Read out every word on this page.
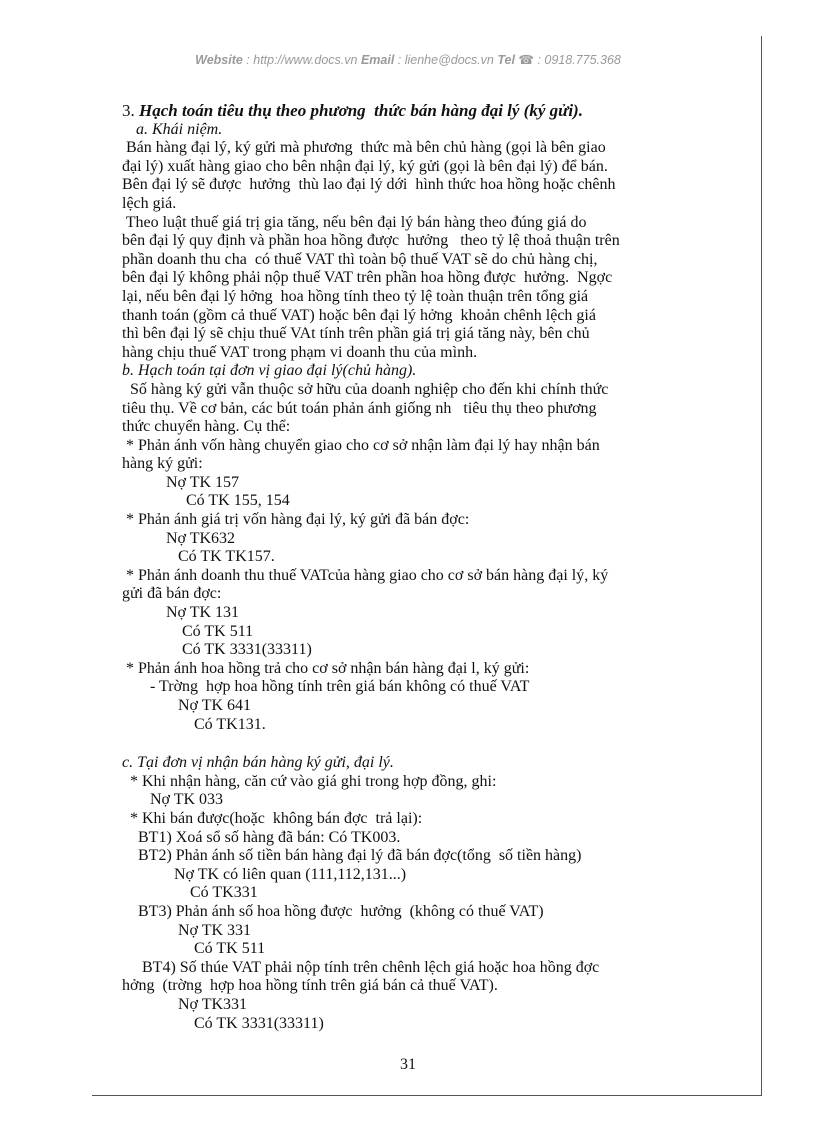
Website : http://www.docs.vn Email : lienhe@docs.vn Tel ☎ : 0918.775.368
3. Hạch toán tiêu thụ theo phương  thức bán hàng đại lý (ký gửi).
a. Khái niệm.
Bán hàng đại lý, ký gửi mà phương  thức mà bên chủ hàng (gọi là bên giao
đại lý) xuất hàng giao cho bên nhận đại lý, ký gửi (gọi là bên đại lý) để bán.
Bên đại lý sẽ được  hưởng  thù lao đại lý dới  hình thức hoa hồng hoặc chênh
lệch giá.
Theo luật thuế giá trị gia tăng, nếu bên đại lý bán hàng theo đúng giá do
bên đại lý quy định và phần hoa hồng được  hưởng   theo tỷ lệ thoả thuận trên
phần doanh thu cha  có thuế VAT thì toàn bộ thuế VAT sẽ do chủ hàng chị,
bên đại lý không phải nộp thuế VAT trên phần hoa hồng được  hưởng.  Ngợc
lại, nếu bên đại lý hởng  hoa hồng tính theo tỷ lệ toàn thuận trên tổng giá
thanh toán (gồm cả thuế VAT) hoặc bên đại lý hởng  khoản chênh lệch giá
thì bên đại lý sẽ chịu thuế VAt tính trên phần giá trị giá tăng này, bên chủ
hàng chịu thuế VAT trong phạm vi doanh thu của mình.
b. Hạch toán tại đơn vị giao đại lý(chủ hàng).
Số hàng ký gửi vẫn thuộc sở hữu của doanh nghiệp cho đến khi chính thức
tiêu thụ. Về cơ bản, các bút toán phản ánh giống nh   tiêu thụ theo phương
thức chuyển hàng. Cụ thể:
* Phản ánh vốn hàng chuyển giao cho cơ sở nhận làm đại lý hay nhận bán
hàng ký gửi:
Nợ TK 157
Có TK 155, 154
* Phản ánh giá trị vốn hàng đại lý, ký gửi đã bán đợc:
Nợ TK632
Có TK TK157.
* Phản ánh doanh thu thuế VATcủa hàng giao cho cơ sở bán hàng đại lý, ký
gửi đã bán đợc:
Nợ TK 131
Có TK 511
Có TK 3331(33311)
* Phản ánh hoa hồng trả cho cơ sở nhận bán hàng đại l, ký gửi:
- Trờng  hợp hoa hồng tính trên giá bán không có thuế VAT
Nợ TK 641
Có TK131.
c. Tại đơn vị nhận bán hàng ký gửi, đại lý.
* Khi nhận hàng, căn cứ vào giá ghi trong hợp đồng, ghi:
Nợ TK 033
* Khi bán được(hoặc  không bán đợc  trả lại):
BT1) Xoá sổ số hàng đã bán: Có TK003.
BT2) Phản ánh số tiền bán hàng đại lý đã bán đợc(tổng  số tiền hàng)
Nợ TK có liên quan (111,112,131...)
Có TK331
BT3) Phản ánh số hoa hồng được  hưởng  (không có thuế VAT)
Nợ TK 331
Có TK 511
BT4) Số thúe VAT phải nộp tính trên chênh lệch giá hoặc hoa hồng đợc
hởng  (trờng  hợp hoa hồng tính trên giá bán cả thuế VAT).
Nợ TK331
Có TK 3331(33311)
31
